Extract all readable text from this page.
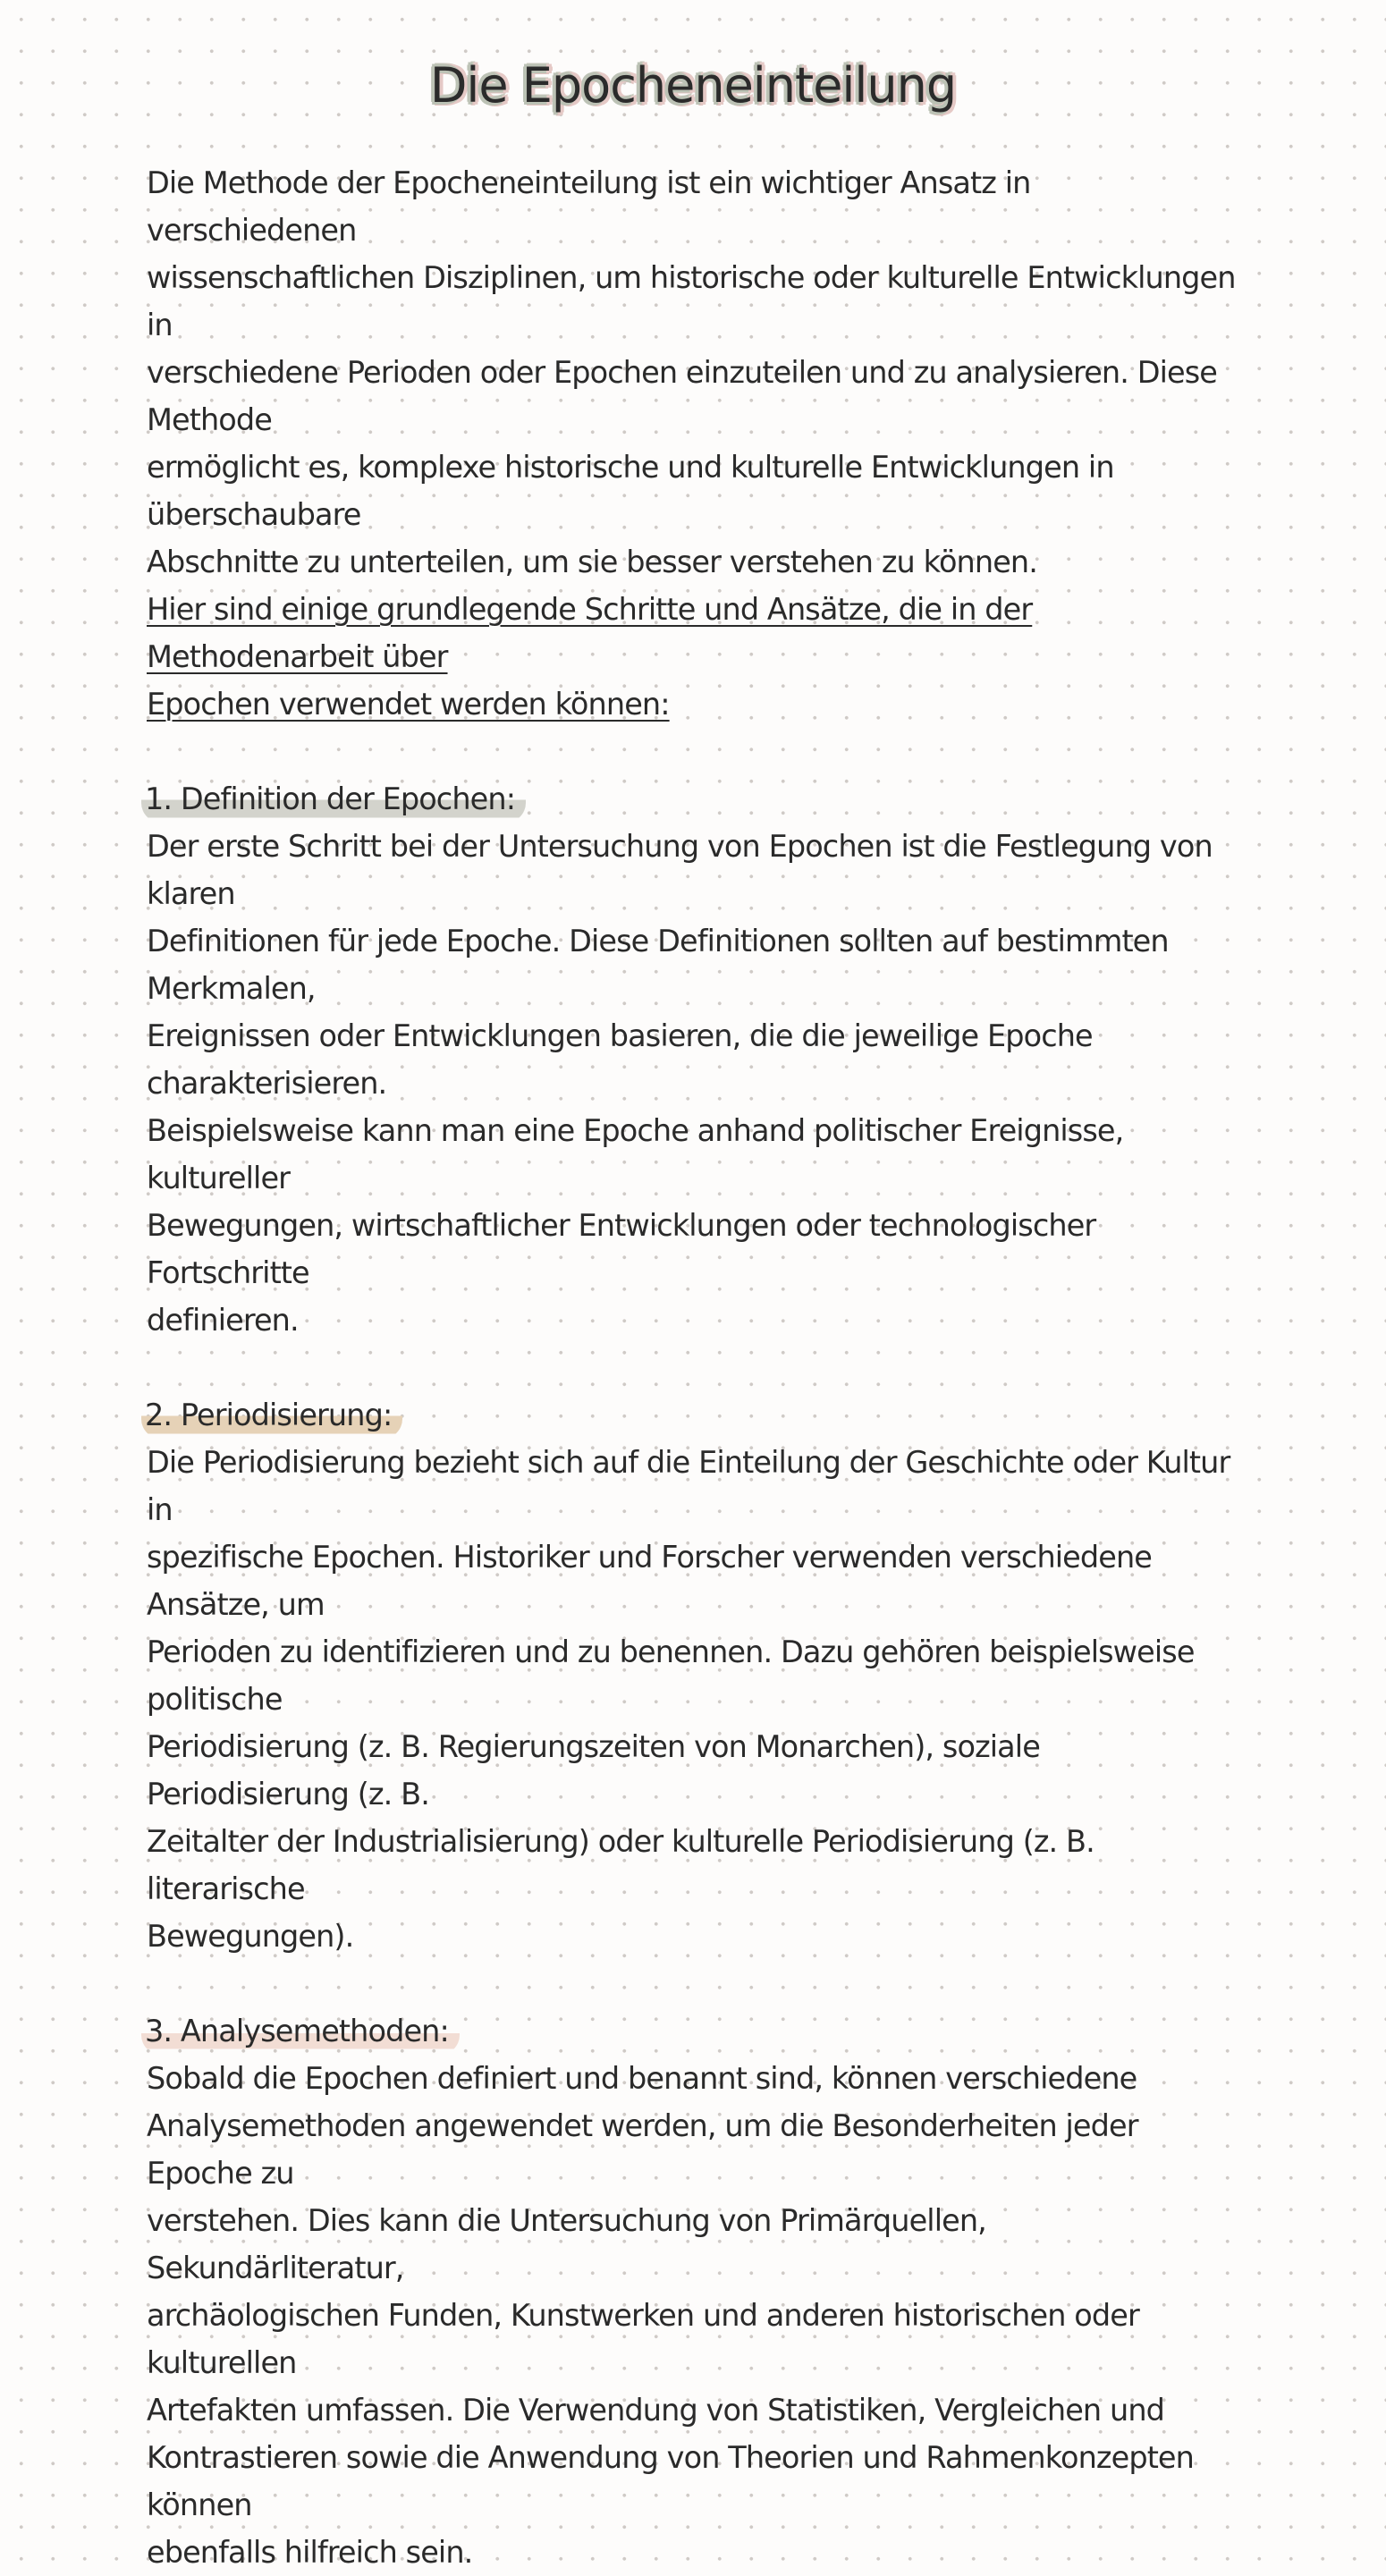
Die Epocheneinteilung

Die Methode der Epocheneinteilung ist ein wichtiger Ansatz in verschiedenen

wissenschaftlichen Disziplinen, um historische oder kulturelle Entwicklungen in

verschiedene Perioden oder Epochen einzuteilen und zu analysieren. Diese Methode

ermöglicht es, komplexe historische und kulturelle Entwicklungen in überschaubare

Abschnitte zu unterteilen, um sie besser verstehen zu können.

Hier sind einige grundlegende Schritte und Ansätze, die in der Methodenarbeit über

Epochen verwendet werden können:

1. Definition der Epochen:

Der erste Schritt bei der Untersuchung von Epochen ist die Festlegung von klaren

Definitionen für jede Epoche. Diese Definitionen sollten auf bestimmten Merkmalen,

Ereignissen oder Entwicklungen basieren, die die jeweilige Epoche charakterisieren.

Beispielsweise kann man eine Epoche anhand politischer Ereignisse, kultureller

Bewegungen, wirtschaftlicher Entwicklungen oder technologischer Fortschritte

definieren.

2. Periodisierung:

Die Periodisierung bezieht sich auf die Einteilung der Geschichte oder Kultur in

spezifische Epochen. Historiker und Forscher verwenden verschiedene Ansätze, um

Perioden zu identifizieren und zu benennen. Dazu gehören beispielsweise politische

Periodisierung (z. B. Regierungszeiten von Monarchen), soziale Periodisierung (z. B.

Zeitalter der Industrialisierung) oder kulturelle Periodisierung (z. B. literarische

Bewegungen).

3. Analysemethoden:

Sobald die Epochen definiert und benannt sind, können verschiedene

Analysemethoden angewendet werden, um die Besonderheiten jeder Epoche zu

verstehen. Dies kann die Untersuchung von Primärquellen, Sekundärliteratur,

archäologischen Funden, Kunstwerken und anderen historischen oder kulturellen

Artefakten umfassen. Die Verwendung von Statistiken, Vergleichen und

Kontrastieren sowie die Anwendung von Theorien und Rahmenkonzepten können

ebenfalls hilfreich sein.
